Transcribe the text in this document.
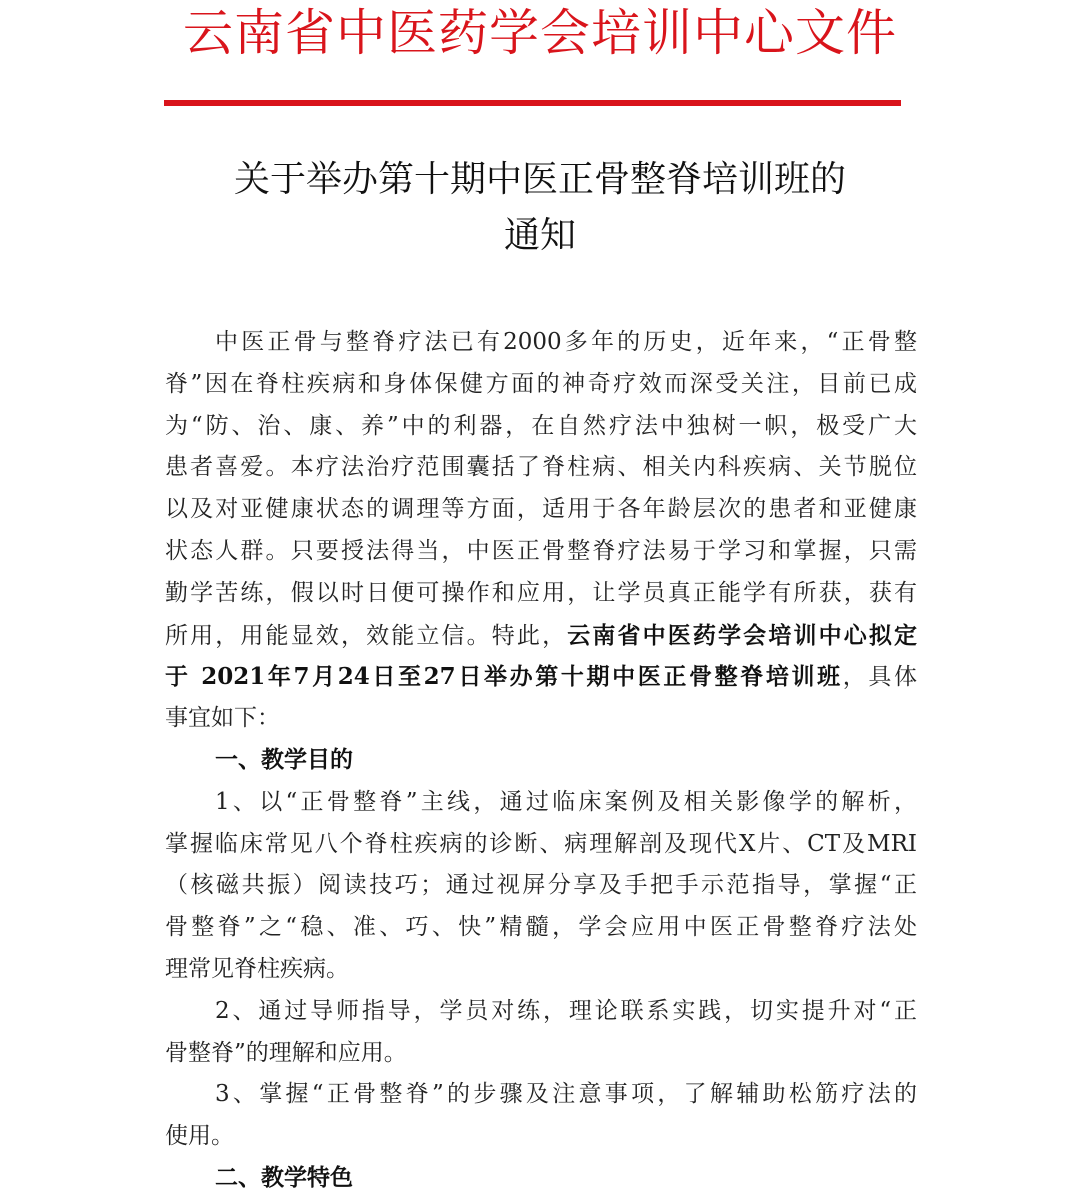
云南省中医药学会培训中心文件
关于举办第十期中医正骨整脊培训班的
通知
中医正骨与整脊疗法已有2000多年的历史，近年来，“正骨整
脊”因在脊柱疾病和身体保健方面的神奇疗效而深受关注，目前已成
为“防、治、康、养”中的利器，在自然疗法中独树一帜，极受广大
患者喜爱。本疗法治疗范围囊括了脊柱病、相关内科疾病、关节脱位
以及对亚健康状态的调理等方面，适用于各年龄层次的患者和亚健康
状态人群。只要授法得当，中医正骨整脊疗法易于学习和掌握，只需
勤学苦练，假以时日便可操作和应用，让学员真正能学有所获，获有
所用，用能显效，效能立信。特此，云南省中医药学会培训中心拟定
于 2021年7月24日至27日举办第十期中医正骨整脊培训班，具体
事宜如下：
一、教学目的
1、以“正骨整脊”主线，通过临床案例及相关影像学的解析，
掌握临床常见八个脊柱疾病的诊断、病理解剖及现代X片、CT及MRI
（核磁共振）阅读技巧；通过视屏分享及手把手示范指导，掌握“正
骨整脊”之“稳、准、巧、快”精髓，学会应用中医正骨整脊疗法处
理常见脊柱疾病。
2、通过导师指导，学员对练，理论联系实践，切实提升对“正
骨整脊”的理解和应用。
3、掌握“正骨整脊”的步骤及注意事项，了解辅助松筋疗法的
使用。
二、教学特色
